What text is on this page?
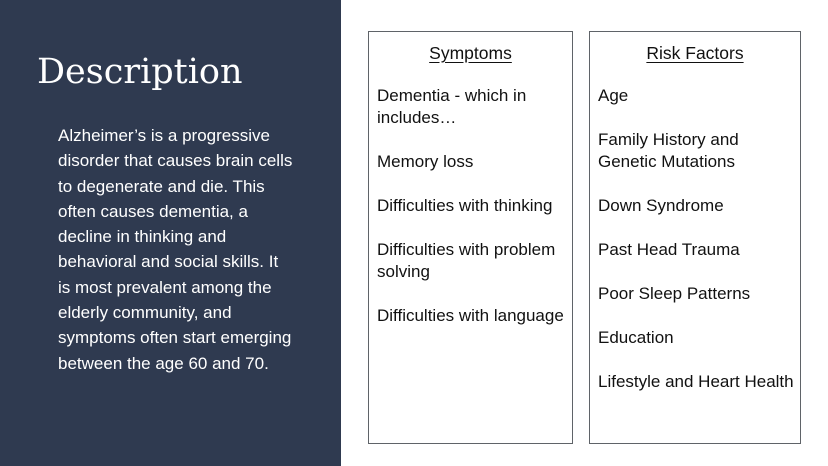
Description

Alzheimer’s is a progressive disorder that causes brain cells to degenerate and die. This often causes dementia, a decline in thinking and behavioral and social skills. It is most prevalent among the elderly community, and symptoms often start emerging between the age 60 and 70.

Symptoms
Dementia - which in includes…
Memory loss
Difficulties with thinking
Difficulties with problem solving
Difficulties with language
Risk Factors
Age
Family History and Genetic Mutations
Down Syndrome
Past Head Trauma
Poor Sleep Patterns
Education
Lifestyle and Heart Health
